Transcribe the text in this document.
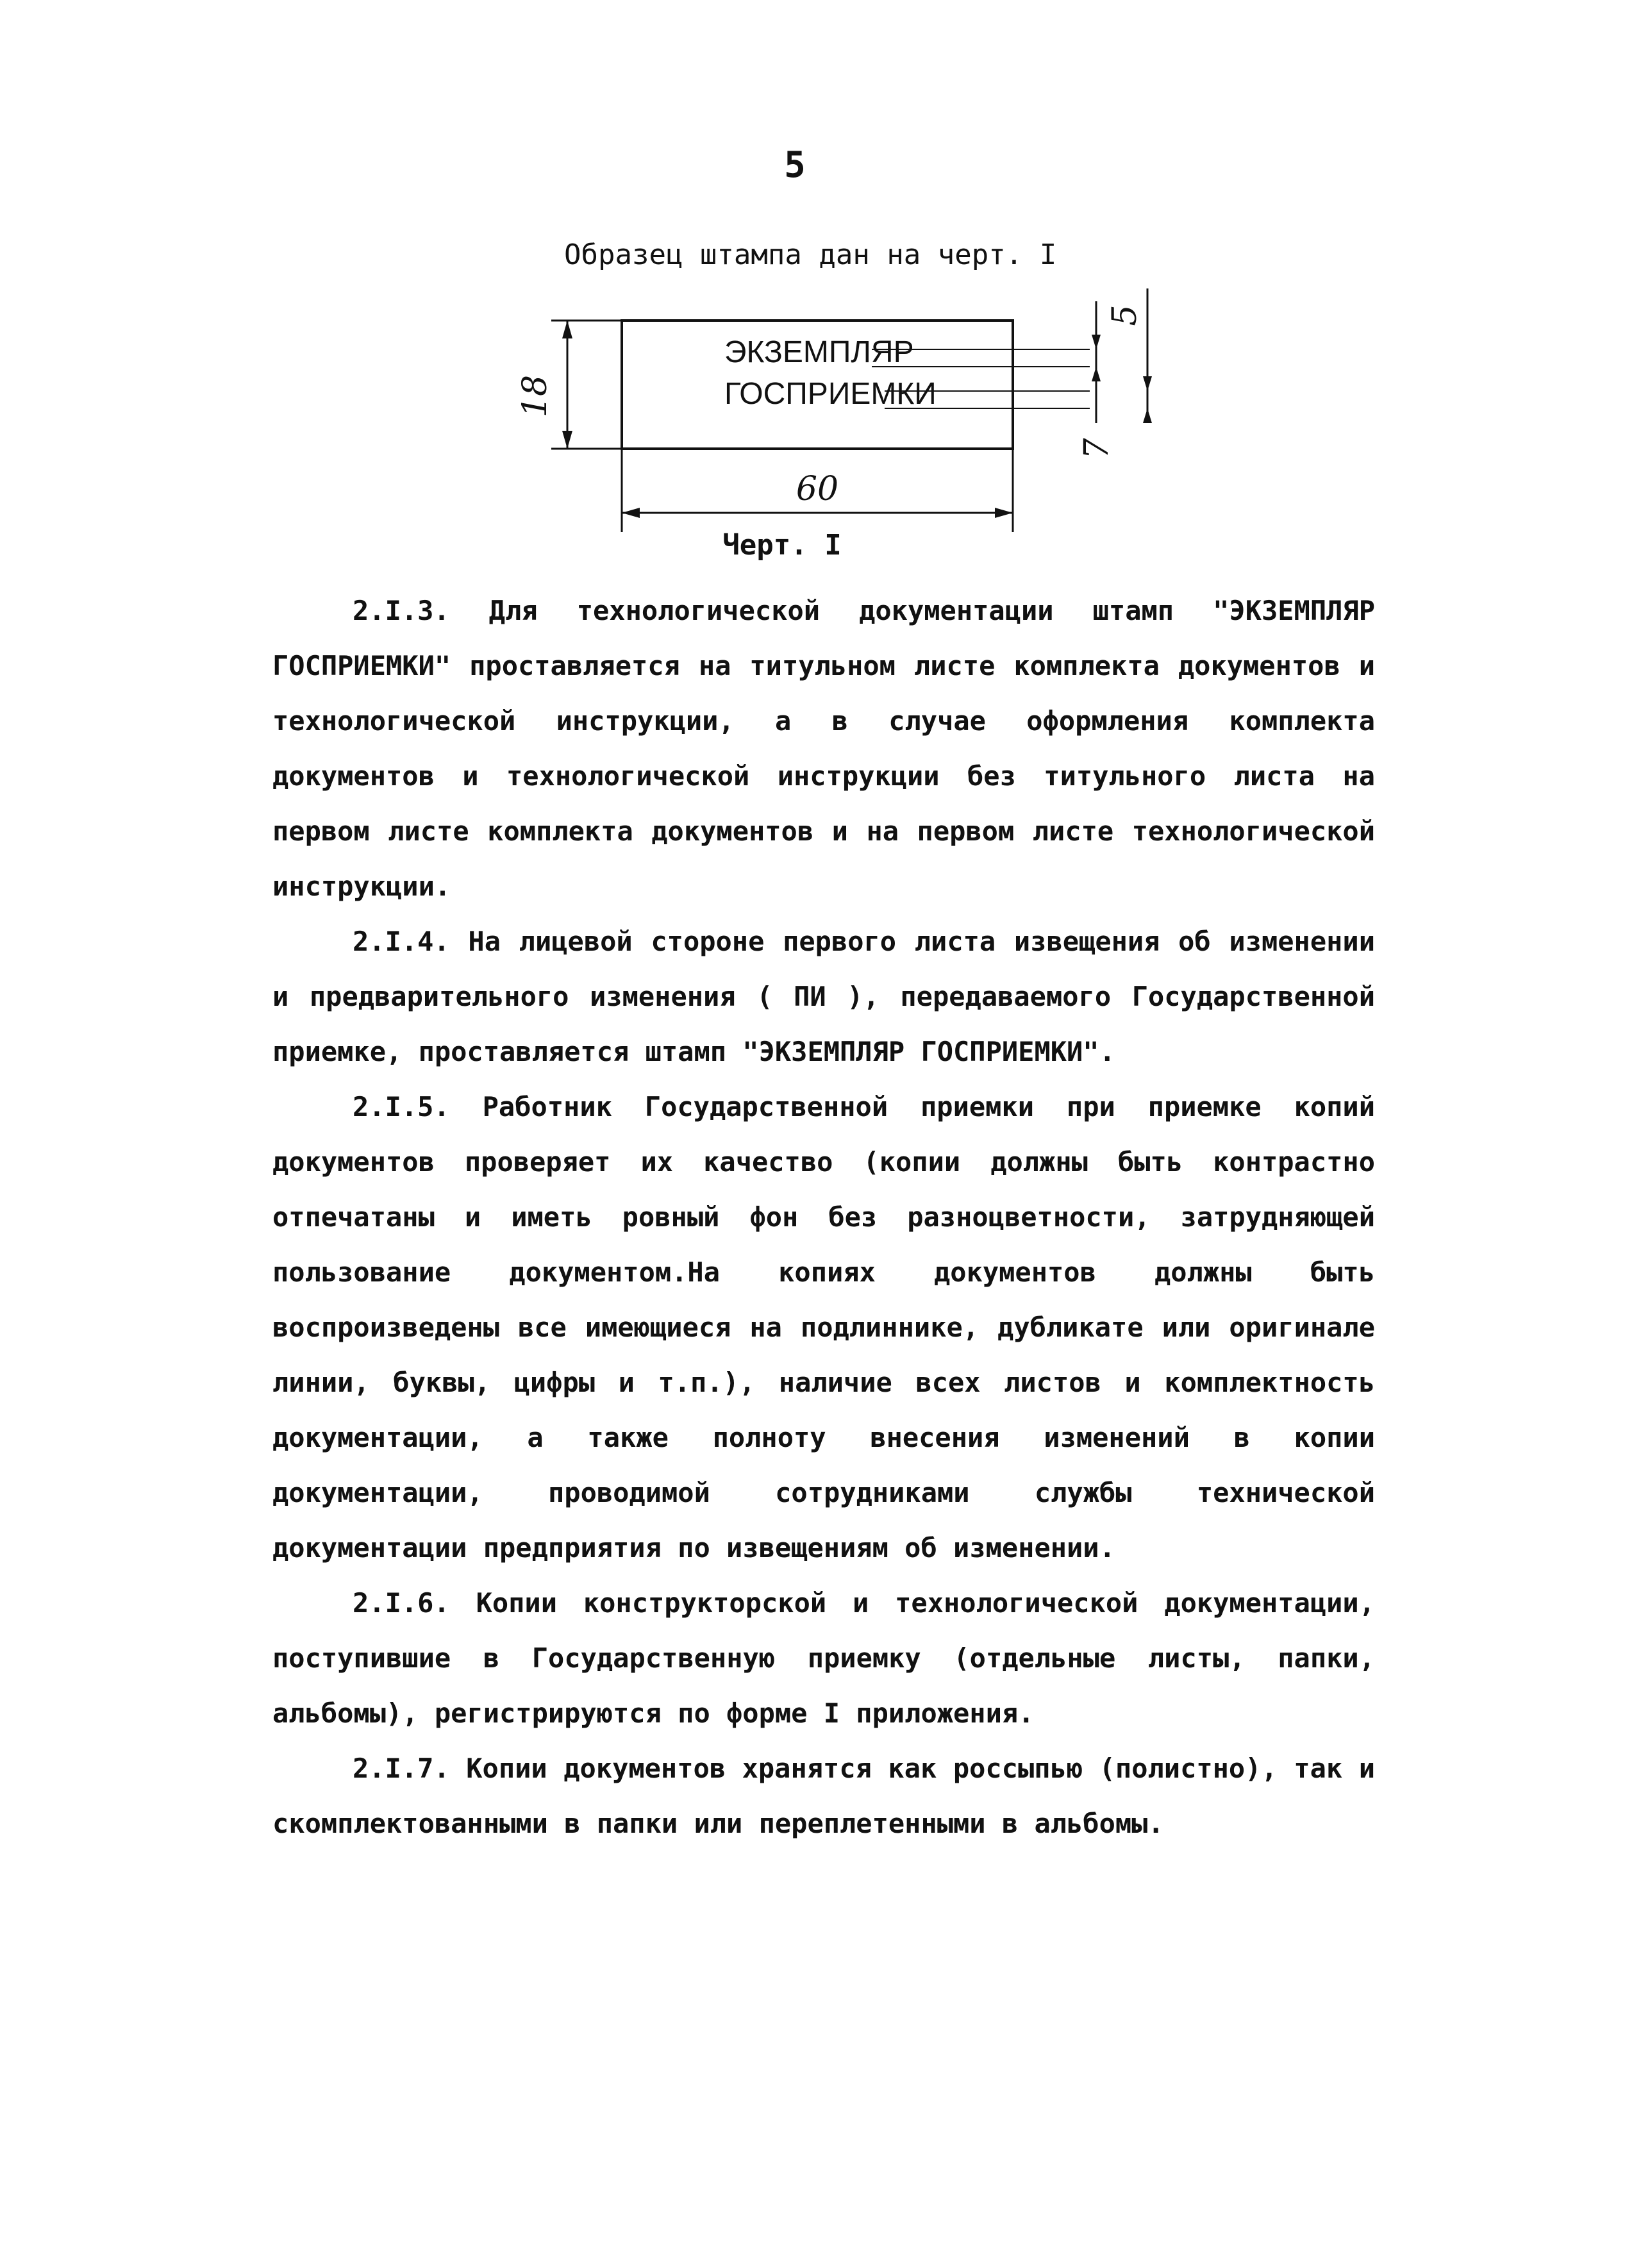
5
Образец штампа дан на черт. I
18
ЭКЗЕМПЛЯР
ГОСПРИЕМКИ
5
7
60
Черт. I

2.I.3. Для технологической документации штамп "ЭКЗЕМПЛЯР ГОСПРИЕМКИ" проставляется на титульном листе комплекта документов и технологической инструкции, а в случае оформления комплекта документов и технологической инструкции без титульного листа на первом листе комплекта документов и на первом листе технологической инструкции.

2.I.4. На лицевой стороне первого листа извещения об изменении и предварительного изменения ( ПИ ), передаваемого Государственной приемке, проставляется штамп "ЭКЗЕМПЛЯР ГОСПРИЕМКИ".

2.I.5. Работник Государственной приемки при приемке копий документов проверяет их качество (копии должны быть контрастно отпечатаны и иметь ровный фон без разноцветности, затрудняющей пользование документом.На копиях документов должны быть воспроизведены все имеющиеся на подлиннике, дубликате или оригинале линии, буквы, цифры и т.п.), наличие всех листов и комплектность документации, а также полноту внесения изменений в копии документации, проводимой сотрудниками службы технической документации предприятия по извещениям об изменении.

2.I.6. Копии конструкторской и технологической документации, поступившие в Государственную приемку (отдельные листы, папки, альбомы), регистрируются по форме I приложения.

2.I.7. Копии документов хранятся как россыпью (полистно), так и скомплектованными в папки или переплетенными в альбомы.
